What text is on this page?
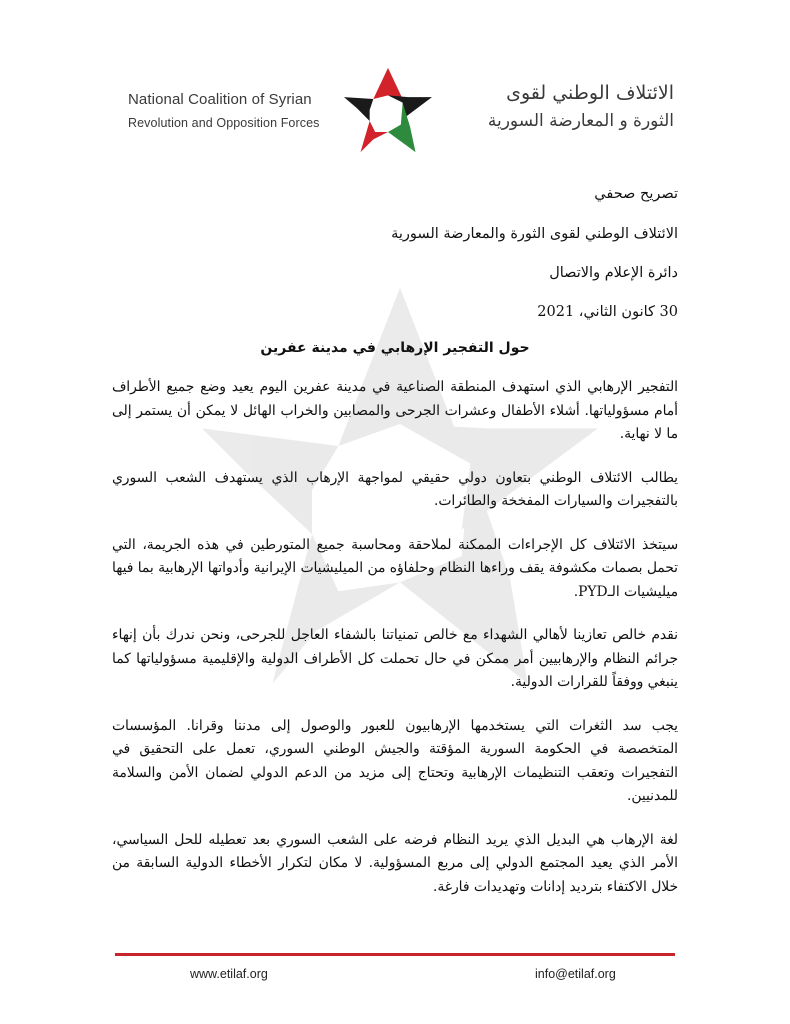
National Coalition of Syrian
Revolution and Opposition Forces
الائتلاف الوطني لقوى
الثورة و المعارضة السورية
تصريح صحفي
الائتلاف الوطني لقوى الثورة والمعارضة السورية
دائرة الإعلام والاتصال
30 كانون الثاني، 2021
حول التفجير الإرهابي في مدينة عفرين

التفجير الإرهابي الذي استهدف المنطقة الصناعية في مدينة عفرين اليوم يعيد وضع جميع الأطراف أمام مسؤولياتها. أشلاء الأطفال وعشرات الجرحى والمصابين والخراب الهائل لا يمكن أن يستمر إلى ما لا نهاية.

يطالب الائتلاف الوطني بتعاون دولي حقيقي لمواجهة الإرهاب الذي يستهدف الشعب السوري بالتفجيرات والسيارات المفخخة والطائرات.

سيتخذ الائتلاف كل الإجراءات الممكنة لملاحقة ومحاسبة جميع المتورطين في هذه الجريمة، التي تحمل بصمات مكشوفة يقف وراءها النظام وحلفاؤه من الميليشيات الإيرانية وأدواتها الإرهابية بما فيها ميليشيات الـPYD.

نقدم خالص تعازينا لأهالي الشهداء مع خالص تمنياتنا بالشفاء العاجل للجرحى، ونحن ندرك بأن إنهاء جرائم النظام والإرهابيين أمر ممكن في حال تحملت كل الأطراف الدولية والإقليمية مسؤولياتها كما ينبغي ووفقاً للقرارات الدولية.

يجب سد الثغرات التي يستخدمها الإرهابيون للعبور والوصول إلى مدننا وقرانا. المؤسسات المتخصصة في الحكومة السورية المؤقتة والجيش الوطني السوري، تعمل على التحقيق في التفجيرات وتعقب التنظيمات الإرهابية وتحتاج إلى مزيد من الدعم الدولي لضمان الأمن والسلامة للمدنيين.

لغة الإرهاب هي البديل الذي يريد النظام فرضه على الشعب السوري بعد تعطيله للحل السياسي، الأمر الذي يعيد المجتمع الدولي إلى مربع المسؤولية. لا مكان لتكرار الأخطاء الدولية السابقة من خلال الاكتفاء بترديد إدانات وتهديدات فارغة.

www.etilaf.org	info@etilaf.org
